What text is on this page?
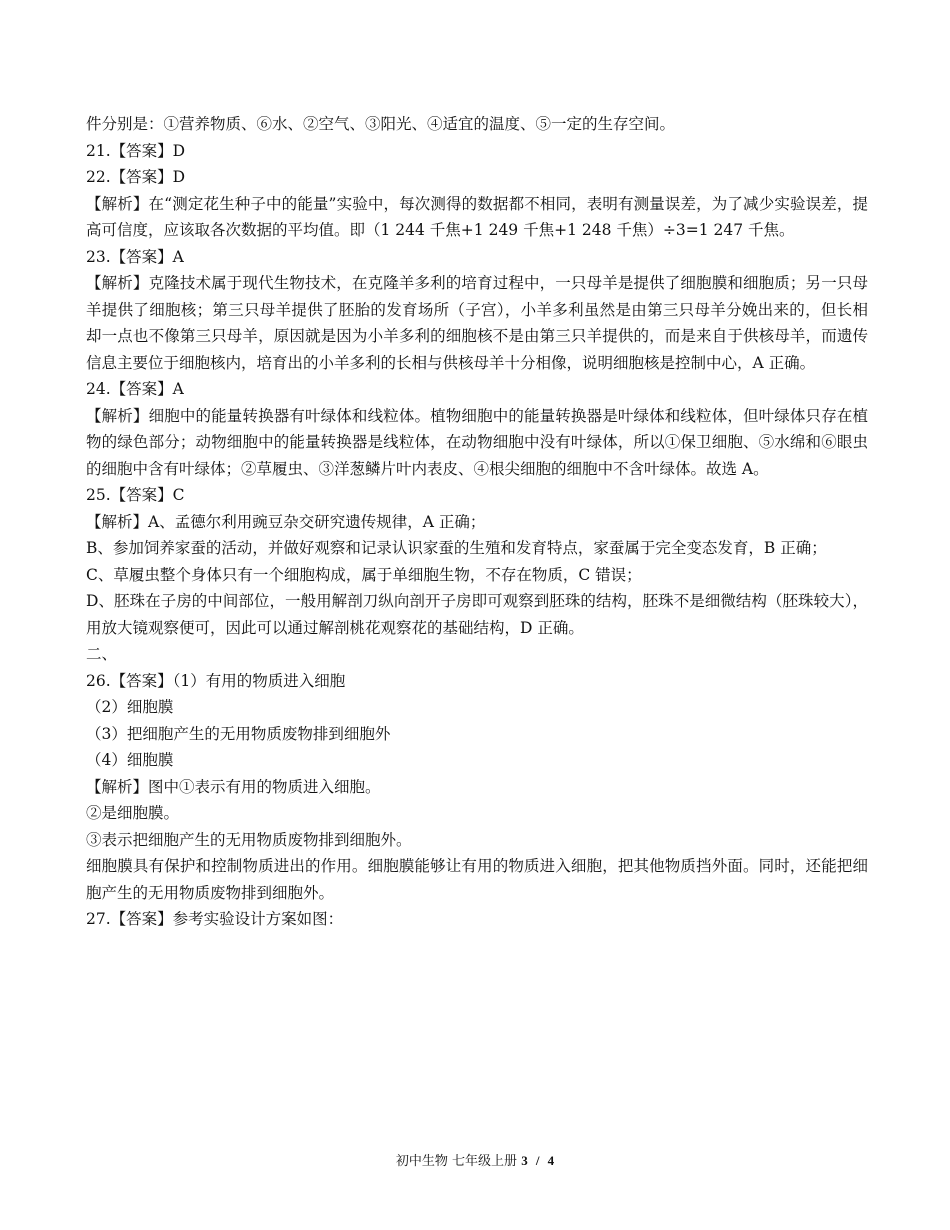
件分别是：①营养物质、⑥水、②空气、③阳光、④适宜的温度、⑤一定的生存空间。

21.【答案】D

22.【答案】D

【解析】在“测定花生种子中的能量”实验中，每次测得的数据都不相同，表明有测量误差，为了减少实验误差，提高可信度，应该取各次数据的平均值。即（1 244 千焦+1 249 千焦+1 248 千焦）÷3=1 247 千焦。

23.【答案】A

【解析】克隆技术属于现代生物技术，在克隆羊多利的培育过程中，一只母羊是提供了细胞膜和细胞质；另一只母羊提供了细胞核；第三只母羊提供了胚胎的发育场所（子宫），小羊多利虽然是由第三只母羊分娩出来的，但长相却一点也不像第三只母羊，原因就是因为小羊多利的细胞核不是由第三只羊提供的，而是来自于供核母羊，而遗传信息主要位于细胞核内，培育出的小羊多利的长相与供核母羊十分相像，说明细胞核是控制中心，A 正确。

24.【答案】A

【解析】细胞中的能量转换器有叶绿体和线粒体。植物细胞中的能量转换器是叶绿体和线粒体，但叶绿体只存在植物的绿色部分；动物细胞中的能量转换器是线粒体，在动物细胞中没有叶绿体，所以①保卫细胞、⑤水绵和⑥眼虫的细胞中含有叶绿体；②草履虫、③洋葱鳞片叶内表皮、④根尖细胞的细胞中不含叶绿体。故选 A。

25.【答案】C

【解析】A、孟德尔利用豌豆杂交研究遗传规律，A 正确；

B、参加饲养家蚕的活动，并做好观察和记录认识家蚕的生殖和发育特点，家蚕属于完全变态发育，B 正确；

C、草履虫整个身体只有一个细胞构成，属于单细胞生物，不存在物质，C 错误；

D、胚珠在子房的中间部位，一般用解剖刀纵向剖开子房即可观察到胚珠的结构，胚珠不是细微结构（胚珠较大），用放大镜观察便可，因此可以通过解剖桃花观察花的基础结构，D 正确。

二、

26.【答案】（1）有用的物质进入细胞

（2）细胞膜

（3）把细胞产生的无用物质废物排到细胞外

（4）细胞膜

【解析】图中①表示有用的物质进入细胞。

②是细胞膜。

③表示把细胞产生的无用物质废物排到细胞外。

细胞膜具有保护和控制物质进出的作用。细胞膜能够让有用的物质进入细胞，把其他物质挡外面。同时，还能把细胞产生的无用物质废物排到细胞外。

27.【答案】参考实验设计方案如图：

初中生物 七年级上册 3 / 4
